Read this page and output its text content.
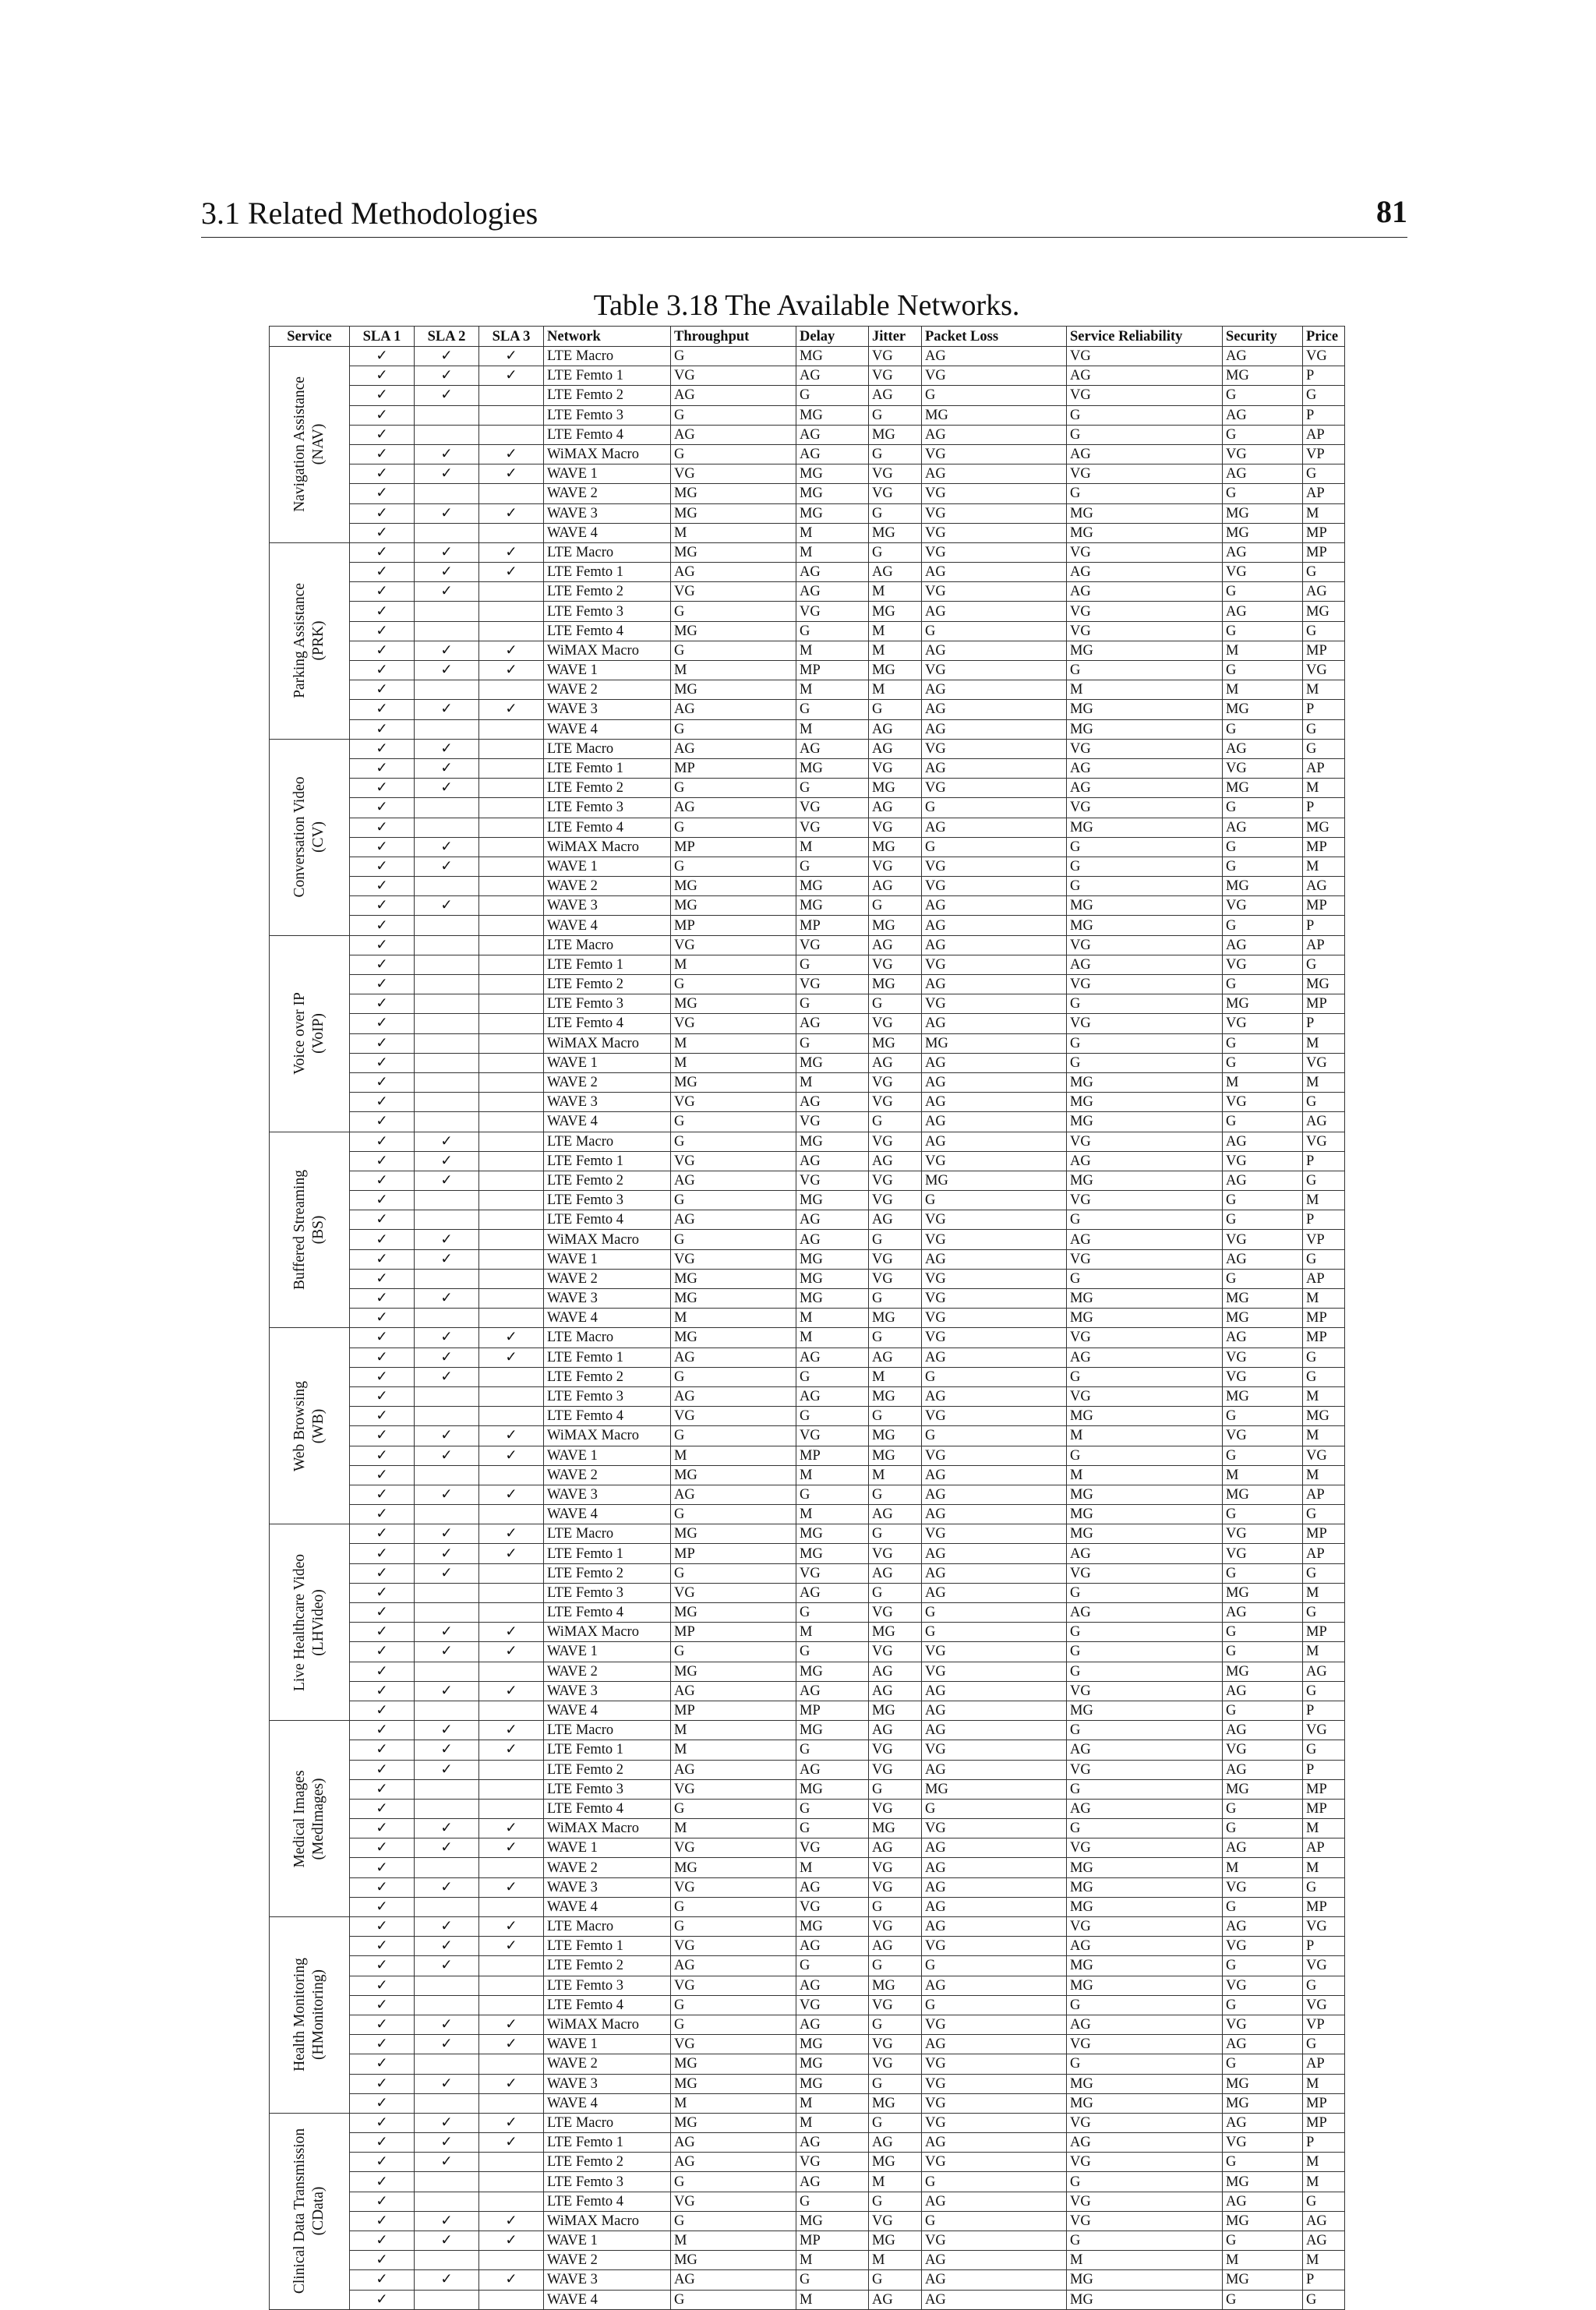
3.1 Related Methodologies	81
Table 3.18 The Available Networks.
Service	SLA 1	SLA 2	SLA 3	Network	Throughput	Delay	Jitter	Packet Loss	Service Reliability	Security	Price

Navigation Assistance (NAV)	✓	✓	✓	LTE Macro	G	MG	VG	AG	VG	AG	VG
	✓	✓	✓	LTE Femto 1	VG	AG	VG	VG	AG	MG	P
	✓	✓		LTE Femto 2	AG	G	AG	G	VG	G	G
	✓			LTE Femto 3	G	MG	G	MG	G	AG	P
	✓			LTE Femto 4	AG	AG	MG	AG	G	G	AP
	✓	✓	✓	WiMAX Macro	G	AG	G	VG	AG	VG	VP
	✓	✓	✓	WAVE 1	VG	MG	VG	AG	VG	AG	G
	✓			WAVE 2	MG	MG	VG	VG	G	G	AP
	✓	✓	✓	WAVE 3	MG	MG	G	VG	MG	MG	M
	✓			WAVE 4	M	M	MG	VG	MG	MG	MP

Parking Assistance (PRK)	✓	✓	✓	LTE Macro	MG	M	G	VG	VG	AG	MP
	✓	✓	✓	LTE Femto 1	AG	AG	AG	AG	AG	VG	G
	✓	✓		LTE Femto 2	VG	AG	M	VG	AG	G	AG
	✓			LTE Femto 3	G	VG	MG	AG	VG	AG	MG
	✓			LTE Femto 4	MG	G	M	G	VG	G	G
	✓	✓	✓	WiMAX Macro	G	M	M	AG	MG	M	MP
	✓	✓	✓	WAVE 1	M	MP	MG	VG	G	G	VG
	✓			WAVE 2	MG	M	M	AG	M	M	M
	✓	✓	✓	WAVE 3	AG	G	G	AG	MG	MG	P
	✓			WAVE 4	G	M	AG	AG	MG	G	G

Conversation Video (CV)	✓	✓		LTE Macro	AG	AG	AG	VG	VG	AG	G
	✓	✓		LTE Femto 1	MP	MG	VG	AG	AG	VG	AP
	✓	✓		LTE Femto 2	G	G	MG	VG	AG	MG	M
	✓			LTE Femto 3	AG	VG	AG	G	VG	G	P
	✓			LTE Femto 4	G	VG	VG	AG	MG	AG	MG
	✓	✓		WiMAX Macro	MP	M	MG	G	G	G	MP
	✓	✓		WAVE 1	G	G	VG	VG	G	G	M
	✓			WAVE 2	MG	MG	AG	VG	G	MG	AG
	✓	✓		WAVE 3	MG	MG	G	AG	MG	VG	MP
	✓			WAVE 4	MP	MP	MG	AG	MG	G	P

Voice over IP (VoIP)	✓			LTE Macro	VG	VG	AG	AG	VG	AG	AP
	✓			LTE Femto 1	M	G	VG	VG	AG	VG	G
	✓			LTE Femto 2	G	VG	MG	AG	VG	G	MG
	✓			LTE Femto 3	MG	G	G	VG	G	MG	MP
	✓			LTE Femto 4	VG	AG	VG	AG	VG	VG	P
	✓			WiMAX Macro	M	G	MG	MG	G	G	M
	✓			WAVE 1	M	MG	AG	AG	G	G	VG
	✓			WAVE 2	MG	M	VG	AG	MG	M	M
	✓			WAVE 3	VG	AG	VG	AG	MG	VG	G
	✓			WAVE 4	G	VG	G	AG	MG	G	AG

Buffered Streaming (BS)	✓	✓		LTE Macro	G	MG	VG	AG	VG	AG	VG
	✓	✓		LTE Femto 1	VG	AG	AG	VG	AG	VG	P
	✓	✓		LTE Femto 2	AG	VG	VG	MG	MG	AG	G
	✓			LTE Femto 3	G	MG	VG	G	VG	G	M
	✓			LTE Femto 4	AG	AG	AG	VG	G	G	P
	✓	✓		WiMAX Macro	G	AG	G	VG	AG	VG	VP
	✓	✓		WAVE 1	VG	MG	VG	AG	VG	AG	G
	✓			WAVE 2	MG	MG	VG	VG	G	G	AP
	✓	✓		WAVE 3	MG	MG	G	VG	MG	MG	M
	✓			WAVE 4	M	M	MG	VG	MG	MG	MP

Web Browsing (WB)	✓	✓	✓	LTE Macro	MG	M	G	VG	VG	AG	MP
	✓	✓	✓	LTE Femto 1	AG	AG	AG	AG	AG	VG	G
	✓	✓		LTE Femto 2	G	G	M	G	G	VG	G
	✓			LTE Femto 3	AG	AG	MG	AG	VG	MG	M
	✓			LTE Femto 4	VG	G	G	VG	MG	G	MG
	✓	✓	✓	WiMAX Macro	G	VG	MG	G	M	VG	M
	✓	✓	✓	WAVE 1	M	MP	MG	VG	G	G	VG
	✓			WAVE 2	MG	M	M	AG	M	M	M
	✓	✓	✓	WAVE 3	AG	G	G	AG	MG	MG	AP
	✓			WAVE 4	G	M	AG	AG	MG	G	G

Live Healthcare Video (LHVideo)	✓	✓	✓	LTE Macro	MG	MG	G	VG	MG	VG	MP
	✓	✓	✓	LTE Femto 1	MP	MG	VG	AG	AG	VG	AP
	✓	✓		LTE Femto 2	G	VG	AG	AG	VG	G	G
	✓			LTE Femto 3	VG	AG	G	AG	G	MG	M
	✓			LTE Femto 4	MG	G	VG	G	AG	AG	G
	✓	✓	✓	WiMAX Macro	MP	M	MG	G	G	G	MP
	✓	✓	✓	WAVE 1	G	G	VG	VG	G	G	M
	✓			WAVE 2	MG	MG	AG	VG	G	MG	AG
	✓	✓	✓	WAVE 3	AG	AG	AG	AG	VG	AG	G
	✓			WAVE 4	MP	MP	MG	AG	MG	G	P

Medical Images (MedImages)	✓	✓	✓	LTE Macro	M	MG	AG	AG	G	AG	VG
	✓	✓	✓	LTE Femto 1	M	G	VG	VG	AG	VG	G
	✓	✓		LTE Femto 2	AG	AG	VG	AG	VG	AG	P
	✓			LTE Femto 3	VG	MG	G	MG	G	MG	MP
	✓			LTE Femto 4	G	G	VG	G	AG	G	MP
	✓	✓	✓	WiMAX Macro	M	G	MG	VG	G	G	M
	✓	✓	✓	WAVE 1	VG	VG	AG	AG	VG	AG	AP
	✓			WAVE 2	MG	M	VG	AG	MG	M	M
	✓	✓	✓	WAVE 3	VG	AG	VG	AG	MG	VG	G
	✓			WAVE 4	G	VG	G	AG	MG	G	MP

Health Monitoring (HMonitoring)	✓	✓	✓	LTE Macro	G	MG	VG	AG	VG	AG	VG
	✓	✓	✓	LTE Femto 1	VG	AG	AG	VG	AG	VG	P
	✓	✓		LTE Femto 2	AG	G	G	G	MG	G	VG
	✓			LTE Femto 3	VG	AG	MG	AG	MG	VG	G
	✓			LTE Femto 4	G	VG	VG	G	G	G	VG
	✓	✓	✓	WiMAX Macro	G	AG	G	VG	AG	VG	VP
	✓	✓	✓	WAVE 1	VG	MG	VG	AG	VG	AG	G
	✓			WAVE 2	MG	MG	VG	VG	G	G	AP
	✓	✓	✓	WAVE 3	MG	MG	G	VG	MG	MG	M
	✓			WAVE 4	M	M	MG	VG	MG	MG	MP

Clinical Data Transmission (CData)	✓	✓	✓	LTE Macro	MG	M	G	VG	VG	AG	MP
	✓	✓	✓	LTE Femto 1	AG	AG	AG	AG	AG	VG	P
	✓	✓		LTE Femto 2	AG	VG	MG	VG	VG	G	M
	✓			LTE Femto 3	G	AG	M	G	G	MG	M
	✓			LTE Femto 4	VG	G	G	AG	VG	AG	G
	✓	✓	✓	WiMAX Macro	G	MG	VG	G	VG	MG	AG
	✓	✓	✓	WAVE 1	M	MP	MG	VG	G	G	AG
	✓			WAVE 2	MG	M	M	AG	M	M	M
	✓	✓	✓	WAVE 3	AG	G	G	AG	MG	MG	P
	✓			WAVE 4	G	M	AG	AG	MG	G	G
